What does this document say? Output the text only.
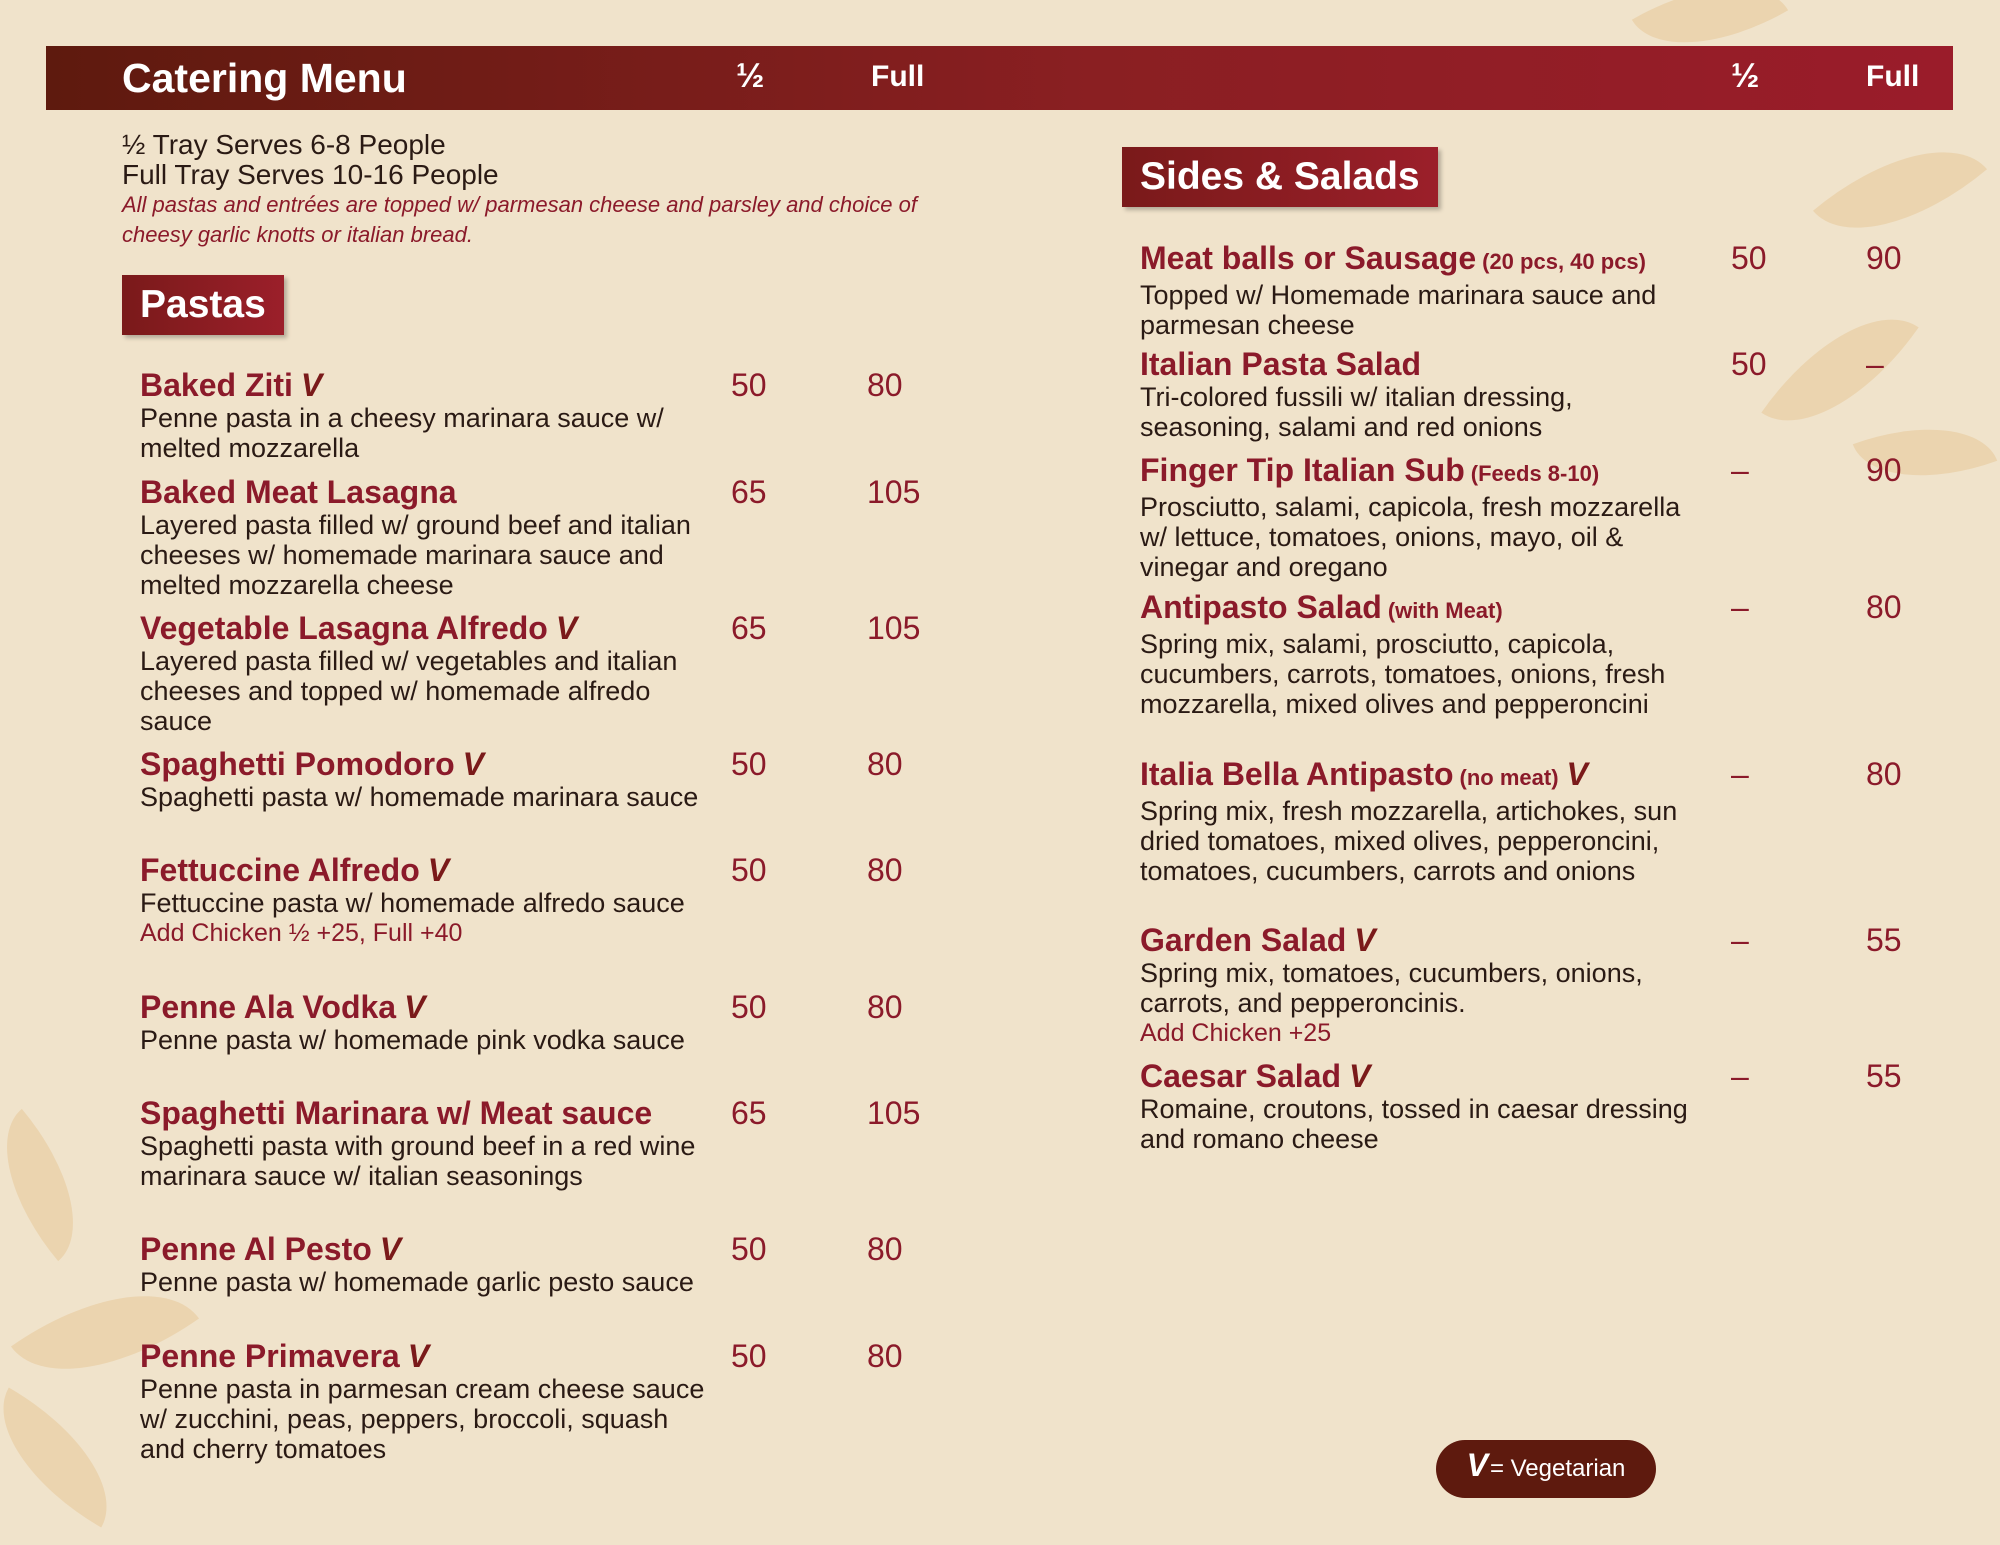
Catering Menu	½	Full	½	Full
½ Tray Serves 6-8 People
Full Tray Serves 10-16 People
All pastas and entrées are topped w/ parmesan cheese and parsley and choice of cheesy garlic knotts or italian bread.
Pastas
Sides & Salads
Baked Ziti V
Penne pasta in a cheesy marinara sauce w/ melted mozzarella
50	80
Baked Meat Lasagna
Layered pasta filled w/ ground beef and italian cheeses w/ homemade marinara sauce and melted mozzarella cheese
65	105
Vegetable Lasagna Alfredo V
Layered pasta filled w/ vegetables and italian cheeses and topped w/ homemade alfredo sauce
65	105
Spaghetti Pomodoro V
Spaghetti pasta w/ homemade marinara sauce
50	80
Fettuccine Alfredo V
Fettuccine pasta w/ homemade alfredo sauce
Add Chicken ½ +25, Full +40
50	80
Penne Ala Vodka V
Penne pasta w/ homemade pink vodka sauce
50	80
Spaghetti Marinara w/ Meat sauce
Spaghetti pasta with ground beef in a red wine marinara sauce w/ italian seasonings
65	105
Penne Al Pesto V
Penne pasta w/ homemade garlic pesto sauce
50	80
Penne Primavera V
Penne pasta in parmesan cream cheese sauce w/ zucchini, peas, peppers, broccoli, squash and cherry tomatoes
50	80
Meat balls or Sausage (20 pcs, 40 pcs)
Topped w/ Homemade marinara sauce and parmesan cheese
50	90
Italian Pasta Salad
Tri-colored fussili w/ italian dressing, seasoning, salami and red onions
50	–
Finger Tip Italian Sub (Feeds 8-10)
Prosciutto, salami, capicola, fresh mozzarella w/ lettuce, tomatoes, onions, mayo, oil & vinegar and oregano
–	90
Antipasto Salad (with Meat)
Spring mix, salami, prosciutto, capicola, cucumbers, carrots, tomatoes, onions, fresh mozzarella, mixed olives and pepperoncini
–	80
Italia Bella Antipasto (no meat) V
Spring mix, fresh mozzarella, artichokes, sun dried tomatoes, mixed olives, pepperoncini, tomatoes, cucumbers, carrots and onions
–	80
Garden Salad V
Spring mix, tomatoes, cucumbers, onions, carrots, and pepperoncinis.
Add Chicken +25
–	55
Caesar Salad V
Romaine, croutons, tossed in caesar dressing and romano cheese
–	55
V= Vegetarian
